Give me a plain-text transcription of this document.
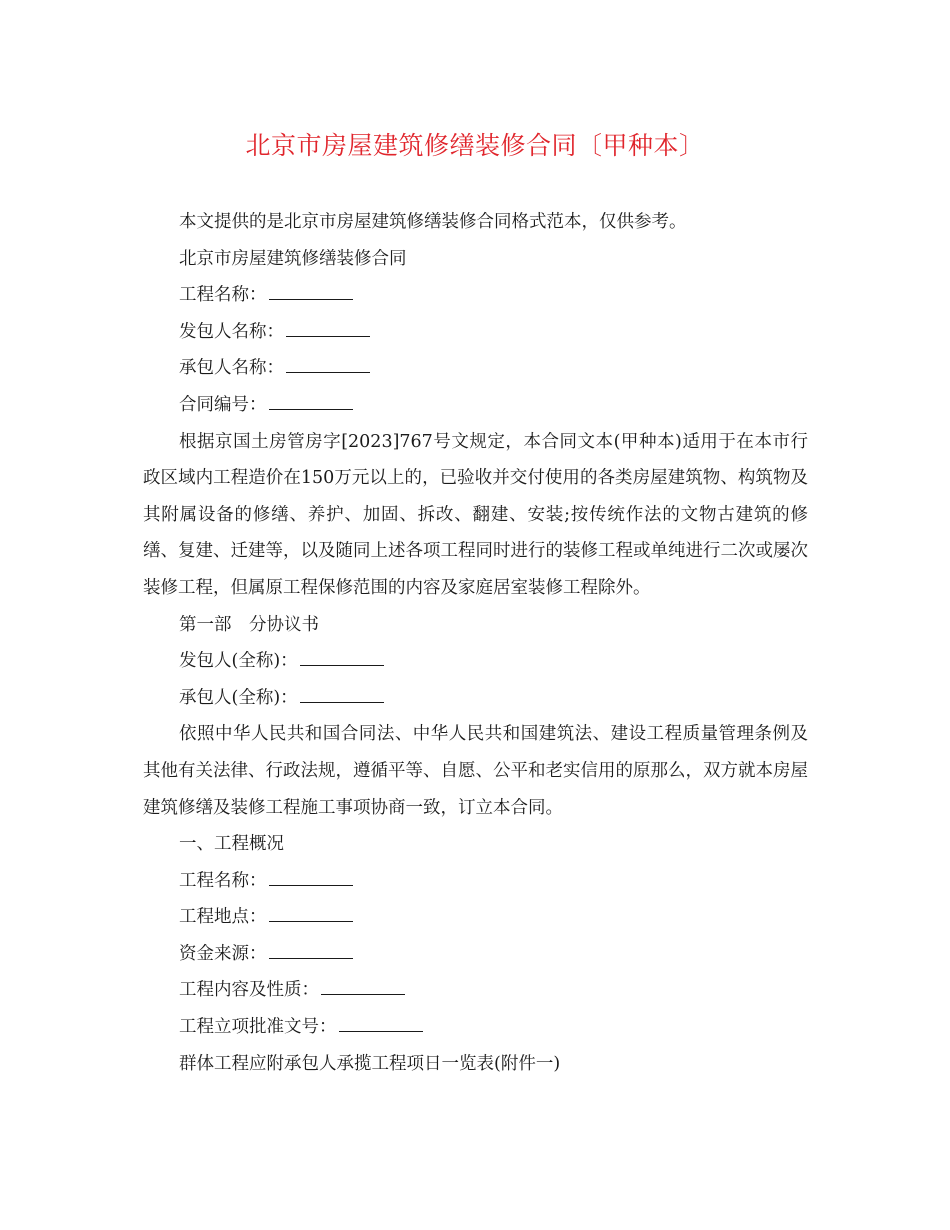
北京市房屋建筑修缮装修合同〔甲种本〕

本文提供的是北京市房屋建筑修缮装修合同格式范本，仅供参考。

北京市房屋建筑修缮装修合同

工程名称：

发包人名称：

承包人名称：

合同编号：

根据京国土房管房字[2023]767号文规定，本合同文本(甲种本)适用于在本市行政区域内工程造价在150万元以上的，已验收并交付使用的各类房屋建筑物、构筑物及其附属设备的修缮、养护、加固、拆改、翻建、安装;按传统作法的文物古建筑的修缮、复建、迁建等，以及随同上述各项工程同时进行的装修工程或单纯进行二次或屡次装修工程，但属原工程保修范围的内容及家庭居室装修工程除外。

第一部　分协议书

发包人(全称)：

承包人(全称)：

依照中华人民共和国合同法、中华人民共和国建筑法、建设工程质量管理条例及其他有关法律、行政法规，遵循平等、自愿、公平和老实信用的原那么，双方就本房屋建筑修缮及装修工程施工事项协商一致，订立本合同。

一、工程概况

工程名称：

工程地点：

资金来源：

工程内容及性质：

工程立项批准文号：

群体工程应附承包人承揽工程项日一览表(附件一)
